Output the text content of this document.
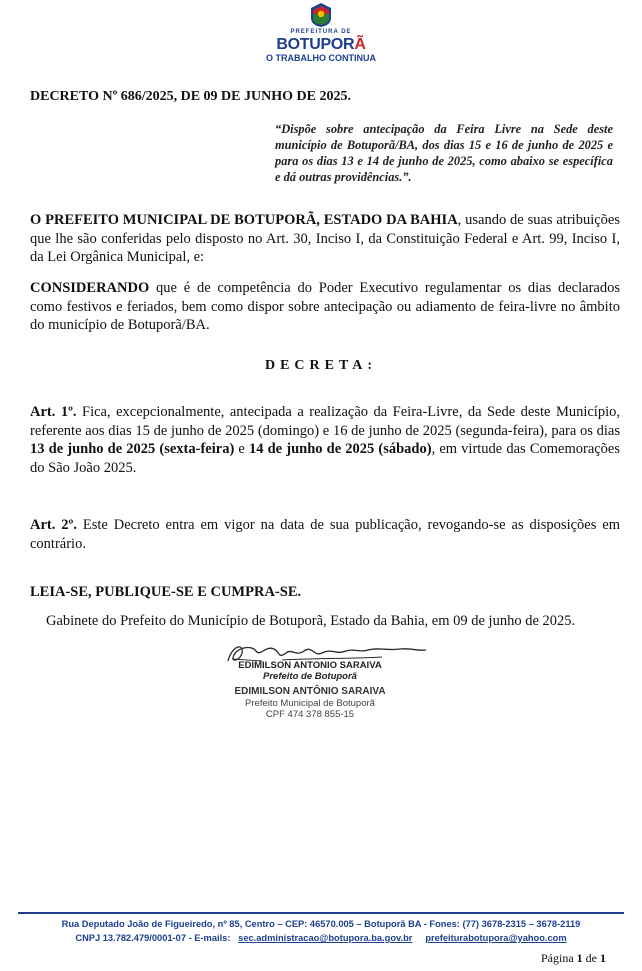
PREFEITURA DE
BOTUPORÃ
O TRABALHO CONTINUA

DECRETO Nº 686/2025, DE 09 DE JUNHO DE 2025.

“Dispõe sobre antecipação da Feira Livre na Sede deste município de Botuporã/BA, dos dias 15 e 16 de junho de 2025 e para os dias 13 e 14 de junho de 2025, como abaixo se específica e dá outras providências.”.

O PREFEITO MUNICIPAL DE BOTUPORÃ, ESTADO DA BAHIA, usando de suas atribuições que lhe são conferidas pelo disposto no Art. 30, Inciso I, da Constituição Federal e Art. 99, Inciso I, da Lei Orgânica Municipal, e:

CONSIDERANDO que é de competência do Poder Executivo regulamentar os dias declarados como festivos e feriados, bem como dispor sobre antecipação ou adiamento de feira-livre no âmbito do município de Botuporã/BA.

DECRETA:

Art. 1º. Fica, excepcionalmente, antecipada a realização da Feira-Livre, da Sede deste Município, referente aos dias 15 de junho de 2025 (domingo) e 16 de junho de 2025 (segunda-feira), para os dias 13 de junho de 2025 (sexta-feira) e 14 de junho de 2025 (sábado), em virtude das Comemorações do São João 2025.

Art. 2º. Este Decreto entra em vigor na data de sua publicação, revogando-se as disposições em contrário.

LEIA-SE, PUBLIQUE-SE E CUMPRA-SE.

Gabinete do Prefeito do Município de Botuporã, Estado da Bahia, em 09 de junho de 2025.

EDIMILSON ANTONIO SARAIVA
Prefeito de Botuporã
EDIMILSON ANTÔNIO SARAIVA
Prefeito Municipal de Botuporã
CPF 474 378 855-15
Rua Deputado João de Figueiredo, nº 85, Centro – CEP: 46570.005 – Botuporã BA - Fones: (77) 3678-2315 – 3678-2119
CNPJ 13.782.479/0001-07 - E-mails: sec.administracao@botupora.ba.gov.br prefeiturabotupora@yahoo.com
Página 1 de 1
